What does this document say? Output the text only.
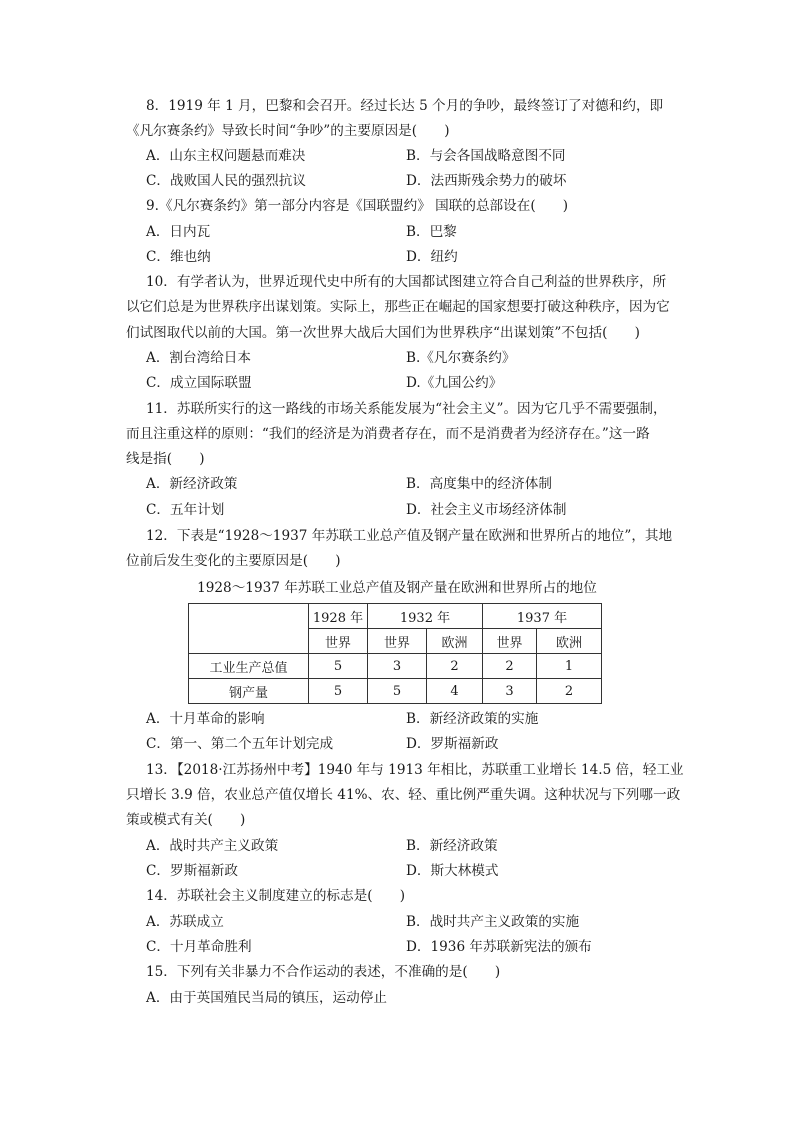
8．1919 年 1 月，巴黎和会召开。经过长达 5 个月的争吵，最终签订了对德和约，即
《凡尔赛条约》导致长时间“争吵”的主要原因是(　　)
A．山东主权问题悬而难决	B．与会各国战略意图不同
C．战败国人民的强烈抗议	D．法西斯残余势力的破坏
9.《凡尔赛条约》第一部分内容是《国联盟约》 国联的总部设在(　　)
A．日内瓦	B．巴黎
C．维也纳	D．纽约
10．有学者认为，世界近现代史中所有的大国都试图建立符合自己利益的世界秩序，所
以它们总是为世界秩序出谋划策。实际上，那些正在崛起的国家想要打破这种秩序，因为它
们试图取代以前的大国。第一次世界大战后大国们为世界秩序“出谋划策”不包括(　　)
A．割台湾给日本	B.《凡尔赛条约》
C．成立国际联盟	D.《九国公约》
11．苏联所实行的这一路线的市场关系能发展为“社会主义”。因为它几乎不需要强制，
而且注重这样的原则：“我们的经济是为消费者存在，而不是消费者为经济存在。”这一路
线是指(　　)
A．新经济政策	B．高度集中的经济体制
C．五年计划	D．社会主义市场经济体制
12．下表是“1928～1937 年苏联工业总产值及钢产量在欧洲和世界所占的地位”，其地
位前后发生变化的主要原因是(　　)
1928～1937 年苏联工业总产值及钢产量在欧洲和世界所占的地位
	1928 年	1932 年		1937 年	
	世界	世界	欧洲	世界	欧洲
工业生产总值	5	3	2	2	1
钢产量	5	5	4	3	2
A．十月革命的影响	B．新经济政策的实施
C．第一、第二个五年计划完成	D．罗斯福新政
13．【2018·江苏扬州中考】1940 年与 1913 年相比，苏联重工业增长 14.5 倍，轻工业
只增长 3.9 倍，农业总产值仅增长 41%、农、轻、重比例严重失调。这种状况与下列哪一政
策或模式有关(　　)
A．战时共产主义政策	B．新经济政策
C．罗斯福新政	D．斯大林模式
14．苏联社会主义制度建立的标志是(　　)
A．苏联成立	B．战时共产主义政策的实施
C．十月革命胜利	D．1936 年苏联新宪法的颁布
15．下列有关非暴力不合作运动的表述，不准确的是(　　)
A．由于英国殖民当局的镇压，运动停止
